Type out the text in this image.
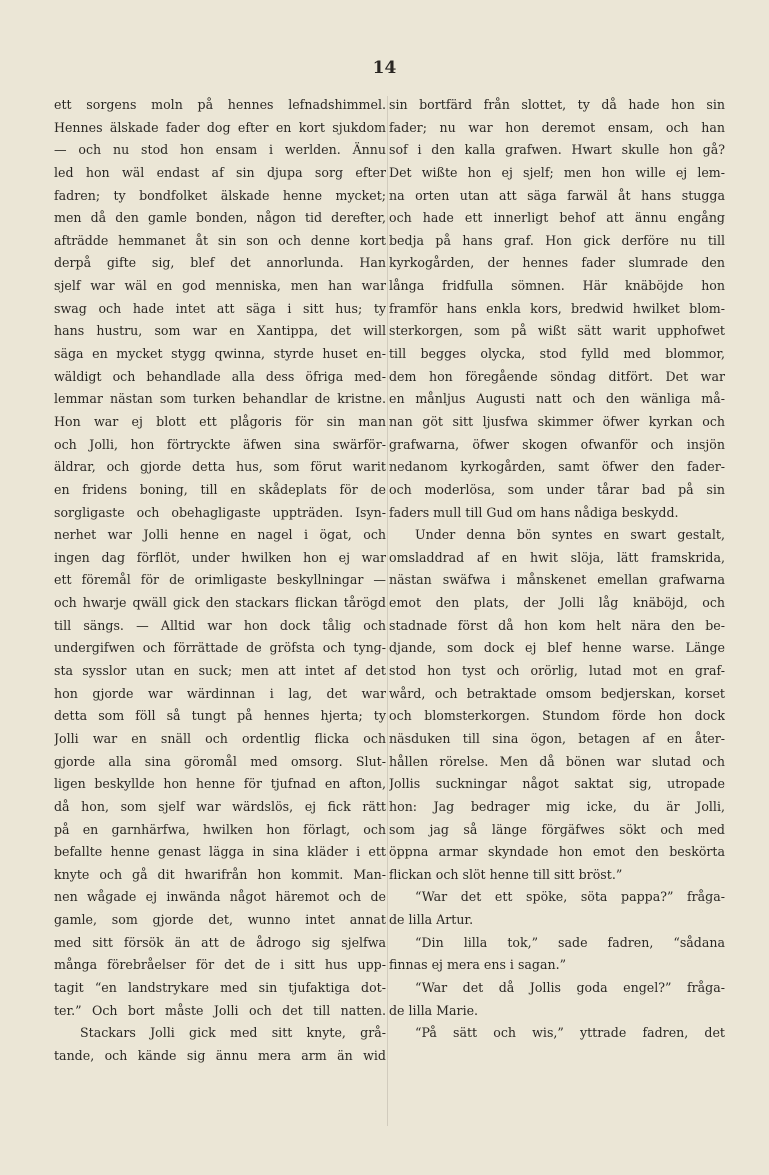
14
ett sorgens moln på hennes lefnadshimmel.
Hennes älskade fader dog efter en kort sjukdom
— och nu stod hon ensam i werlden. Ännu
led hon wäl endast af sin djupa sorg efter
fadren; ty bondfolket älskade henne mycket;
men då den gamle bonden, någon tid derefter,
afträdde hemmanet åt sin son och denne kort
derpå gifte sig, blef det annorlunda. Han
sjelf war wäl en god menniska, men han war
swag och hade intet att säga i sitt hus; ty
hans hustru, som war en Xantippa, det will
säga en mycket stygg qwinna, styrde huset en-
wäldigt och behandlade alla dess öfriga med-
lemmar nästan som turken behandlar de kristne.
Hon war ej blott ett plågoris för sin man
och Jolli, hon förtryckte äfwen sina swärför-
äldrar, och gjorde detta hus, som förut warit
en fridens boning, till en skådeplats för de
sorgligaste och obehagligaste uppträden. Isyn-
nerhet war Jolli henne en nagel i ögat, och
ingen dag förflöt, under hwilken hon ej war
ett föremål för de orimligaste beskyllningar —
och hwarje qwäll gick den stackars flickan tårögd
till sängs. — Alltid war hon dock tålig och
undergifwen och förrättade de gröfsta och tyng-
sta sysslor utan en suck; men att intet af det
hon gjorde war wärdinnan i lag, det war
detta som föll så tungt på hennes hjerta; ty
Jolli war en snäll och ordentlig flicka och
gjorde alla sina göromål med omsorg. Slut-
ligen beskyllde hon henne för tjufnad en afton,
då hon, som sjelf war wärdslös, ej fick rätt
på en garnhärfwa, hwilken hon förlagt, och
befallte henne genast lägga in sina kläder i ett
knyte och gå dit hwarifrån hon kommit. Man-
nen wågade ej inwända något häremot och de
gamle, som gjorde det, wunno intet annat
med sitt försök än att de ådrogo sig sjelfwa
många förebråelser för det de i sitt hus upp-
tagit “en landstrykare med sin tjufaktiga dot-
ter.” Och bort måste Jolli och det till natten.
Stackars Jolli gick med sitt knyte, grå-
tande, och kände sig ännu mera arm än wid
sin bortfärd från slottet, ty då hade hon sin
fader; nu war hon deremot ensam, och han
sof i den kalla grafwen. Hwart skulle hon gå?
Det wißte hon ej sjelf; men hon wille ej lem-
na orten utan att säga farwäl åt hans stugga
och hade ett innerligt behof att ännu engång
bedja på hans graf. Hon gick derföre nu till
kyrkogården, der hennes fader slumrade den
långa fridfulla sömnen. Här knäböjde hon
framför hans enkla kors, bredwid hwilket blom-
sterkorgen, som på wißt sätt warit upphofwet
till begges olycka, stod fylld med blommor,
dem hon föregående söndag ditfört. Det war
en månljus Augusti natt och den wänliga må-
nan göt sitt ljusfwa skimmer öfwer kyrkan och
grafwarna, öfwer skogen ofwanför och insjön
nedanom kyrkogården, samt öfwer den fader-
och moderlösa, som under tårar bad på sin
faders mull till Gud om hans nådiga beskydd.
Under denna bön syntes en swart gestalt,
omsladdrad af en hwit slöja, lätt framskrida,
nästan swäfwa i månskenet emellan grafwarna
emot den plats, der Jolli låg knäböjd, och
stadnade först då hon kom helt nära den be-
djande, som dock ej blef henne warse. Länge
stod hon tyst och orörlig, lutad mot en graf-
wård, och betraktade omsom bedjerskan, korset
och blomsterkorgen. Stundom förde hon dock
näsduken till sina ögon, betagen af en åter-
hållen rörelse. Men då bönen war slutad och
Jollis suckningar något saktat sig, utropade
hon: Jag bedrager mig icke, du är Jolli,
som jag så länge förgäfwes sökt och med
öppna armar skyndade hon emot den beskörta
flickan och slöt henne till sitt bröst.”
“War det ett spöke, söta pappa?” fråga-
de lilla Artur.
“Din lilla tok,” sade fadren, “sådana
finnas ej mera ens i sagan.”
“War det då Jollis goda engel?” fråga-
de lilla Marie.
“På sätt och wis,” yttrade fadren, det
